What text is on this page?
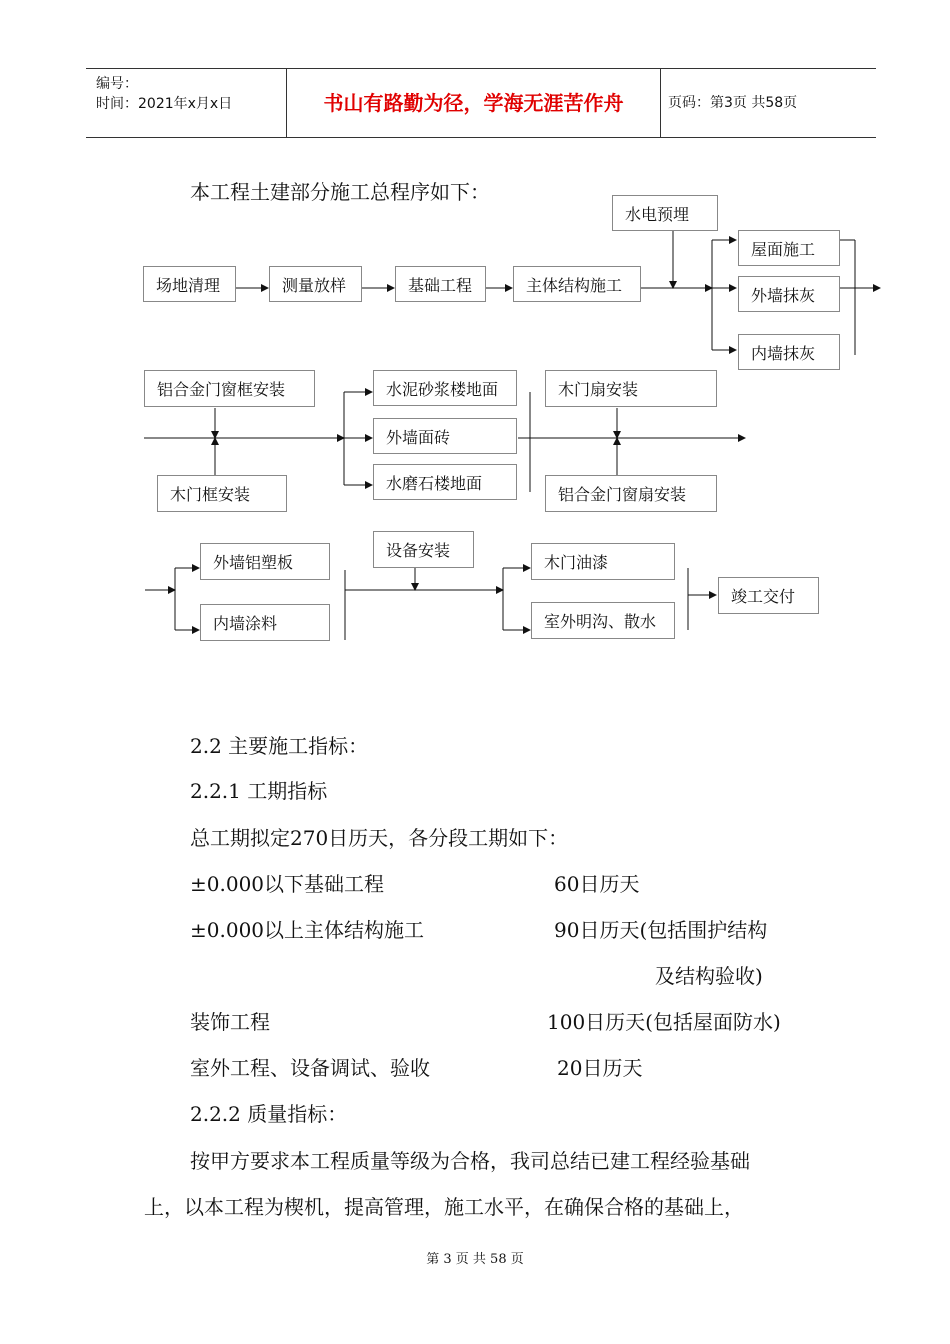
编号：
时间：2021年x月x日	书山有路勤为径，学海无涯苦作舟	页码：第3页 共58页
本工程土建部分施工总程序如下：
水电预埋
场地清理	测量放样	基础工程	主体结构施工
屋面施工
外墙抹灰
内墙抹灰
铝合金门窗框安装
木门框安装
水泥砂浆楼地面
外墙面砖
水磨石楼地面
木门扇安装
铝合金门窗扇安装
外墙铝塑板
内墙涂料
设备安装
木门油漆
室外明沟、散水
竣工交付
2.2 主要施工指标：
2.2.1 工期指标
总工期拟定270日历天，各分段工期如下：
±0.000以下基础工程	60日历天
±0.000以上主体结构施工	90日历天(包括围护结构
及结构验收)
装饰工程	100日历天(包括屋面防水)
室外工程、设备调试、验收	20日历天
2.2.2 质量指标：
按甲方要求本工程质量等级为合格，我司总结已建工程经验基础
上，以本工程为楔机，提高管理，施工水平，在确保合格的基础上，
第 3 页 共 58 页
